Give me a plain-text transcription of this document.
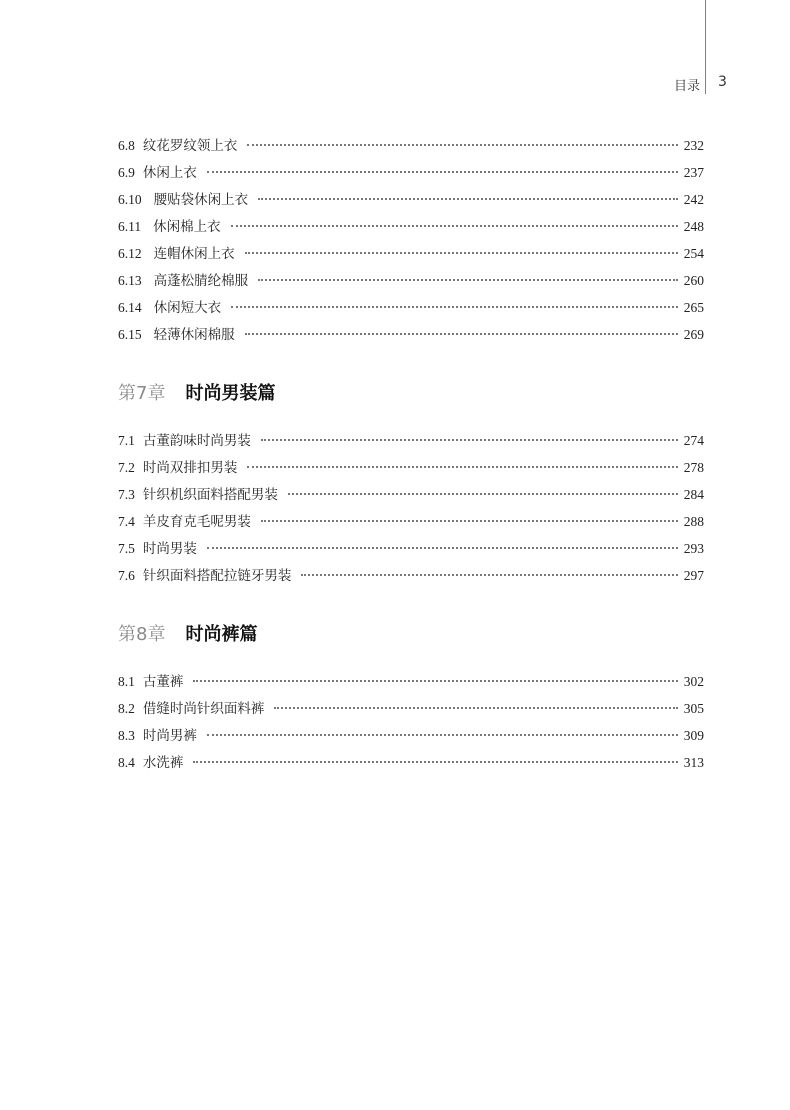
目录 3
6.8 纹花罗纹领上衣	232
6.9 休闲上衣	237
6.10 腰贴袋休闲上衣	242
6.11 休闲棉上衣	248
6.12 连帽休闲上衣	254
6.13 高蓬松腈纶棉服	260
6.14 休闲短大衣	265
6.15 轻薄休闲棉服	269
第7章 时尚男装篇
7.1 古董韵味时尚男装	274
7.2 时尚双排扣男装	278
7.3 针织机织面料搭配男装	284
7.4 羊皮育克毛呢男装	288
7.5 时尚男装	293
7.6 针织面料搭配拉链牙男装	297
第8章 时尚裤篇
8.1 古董裤	302
8.2 借缝时尚针织面料裤	305
8.3 时尚男裤	309
8.4 水洗裤	313
